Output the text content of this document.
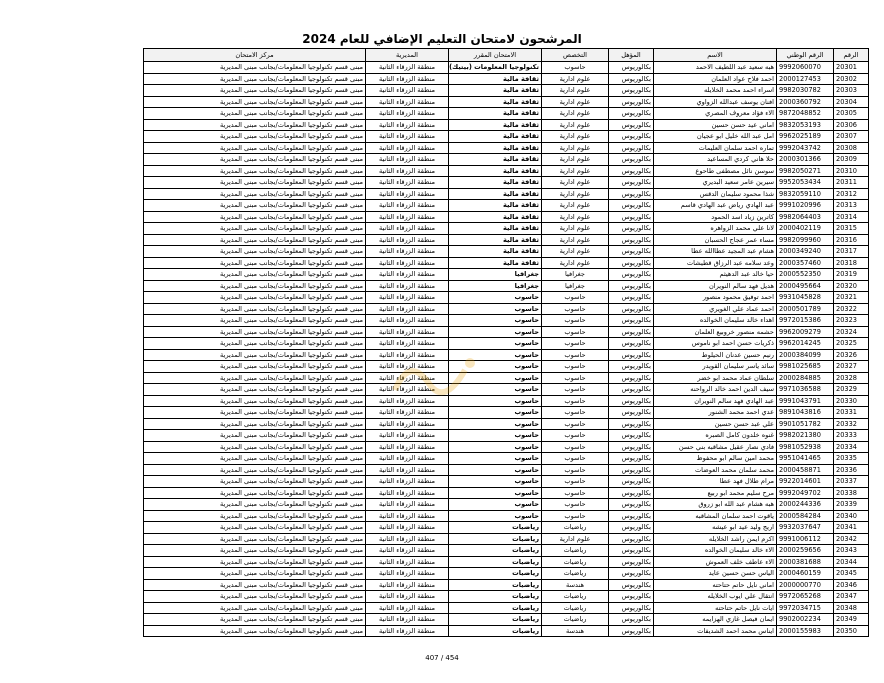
المرشحون لامتحان التعليم الإضافي للعام 2024
الرقم	الرقم الوطني	الاسم	المؤهل	التخصص	الامتحان المقرر	المديرية	مركز الامتحان
20301	9992060070	هبه سعيد عبد اللطيف الاحمد	بكالوريوس	حاسوب	تكنولوجيا المعلومات (بيتيك)	منطقة الزرقاء الثانية	مبنى قسم تكنولوجيا المعلومات/بجانب مبنى المديرية
20302	2000127453	احمد فلاح عواد العلمان	بكالوريوس	علوم ادارية	ثقافة مالية	منطقة الزرقاء الثانية	مبنى قسم تكنولوجيا المعلومات/بجانب مبنى المديرية
20303	9982030782	اسراء احمد محمد الخلايله	بكالوريوس	علوم ادارية	ثقافة مالية	منطقة الزرقاء الثانية	مبنى قسم تكنولوجيا المعلومات/بجانب مبنى المديرية
20304	2000360792	افنان يوسف عبدالله الزواوي	بكالوريوس	علوم ادارية	ثقافة مالية	منطقة الزرقاء الثانية	مبنى قسم تكنولوجيا المعلومات/بجانب مبنى المديرية
20305	9872048852	الاء فؤاد معروف المصري	بكالوريوس	علوم ادارية	ثقافة مالية	منطقة الزرقاء الثانية	مبنى قسم تكنولوجيا المعلومات/بجانب مبنى المديرية
20306	9832053193	اماني عيد حسن حسين	بكالوريوس	علوم ادارية	ثقافة مالية	منطقة الزرقاء الثانية	مبنى قسم تكنولوجيا المعلومات/بجانب مبنى المديرية
20307	9962025189	امل عبد الله خليل ابو عجيان	بكالوريوس	علوم ادارية	ثقافة مالية	منطقة الزرقاء الثانية	مبنى قسم تكنولوجيا المعلومات/بجانب مبنى المديرية
20308	9992043742	تماره احمد سلمان العليمات	بكالوريوس	علوم ادارية	ثقافة مالية	منطقة الزرقاء الثانية	مبنى قسم تكنولوجيا المعلومات/بجانب مبنى المديرية
20309	2000301366	حلا هاني كردي المساعيد	بكالوريوس	علوم ادارية	ثقافة مالية	منطقة الزرقاء الثانية	مبنى قسم تكنولوجيا المعلومات/بجانب مبنى المديرية
20310	9982050271	سوسن نائل مصطفى طاحوع	بكالوريوس	علوم ادارية	ثقافة مالية	منطقة الزرقاء الثانية	مبنى قسم تكنولوجيا المعلومات/بجانب مبنى المديرية
20311	9952053434	سيرين عامر سعيد البديري	بكالوريوس	علوم ادارية	ثقافة مالية	منطقة الزرقاء الثانية	مبنى قسم تكنولوجيا المعلومات/بجانب مبنى المديرية
20312	9832059110	شذا محمود سليمان الدقس	بكالوريوس	علوم ادارية	ثقافة مالية	منطقة الزرقاء الثانية	مبنى قسم تكنولوجيا المعلومات/بجانب مبنى المديرية
20313	9991020996	عبد الهادي رياض عبد الهادي قاسم	بكالوريوس	علوم ادارية	ثقافة مالية	منطقة الزرقاء الثانية	مبنى قسم تكنولوجيا المعلومات/بجانب مبنى المديرية
20314	9982064403	كاترين زياد اسد الحمود	بكالوريوس	علوم ادارية	ثقافة مالية	منطقة الزرقاء الثانية	مبنى قسم تكنولوجيا المعلومات/بجانب مبنى المديرية
20315	2000402119	لانا علي محمد الزواهره	بكالوريوس	علوم ادارية	ثقافة مالية	منطقة الزرقاء الثانية	مبنى قسم تكنولوجيا المعلومات/بجانب مبنى المديرية
20316	9982099960	مساء عمر عجاج الحسبان	بكالوريوس	علوم ادارية	ثقافة مالية	منطقة الزرقاء الثانية	مبنى قسم تكنولوجيا المعلومات/بجانب مبنى المديرية
20317	2000349240	هشام عبد المجيد عطاالله عطا	بكالوريوس	علوم ادارية	ثقافة مالية	منطقة الزرقاء الثانية	مبنى قسم تكنولوجيا المعلومات/بجانب مبنى المديرية
20318	2000357460	وعد سلامه عبد الرزاق قطيشات	بكالوريوس	علوم ادارية	ثقافة مالية	منطقة الزرقاء الثانية	مبنى قسم تكنولوجيا المعلومات/بجانب مبنى المديرية
20319	2000552350	حيا خالد عبد الدهيثم	بكالوريوس	جغرافيا	جغرافيا	منطقة الزرقاء الثانية	مبنى قسم تكنولوجيا المعلومات/بجانب مبنى المديرية
20320	2000495664	هديل فهد سالم النويران	بكالوريوس	جغرافيا	جغرافيا	منطقة الزرقاء الثانية	مبنى قسم تكنولوجيا المعلومات/بجانب مبنى المديرية
20321	9931045828	احمد توفيق محمود منصور	بكالوريوس	حاسوب	حاسوب	منطقة الزرقاء الثانية	مبنى قسم تكنولوجيا المعلومات/بجانب مبنى المديرية
20322	2000501789	احمد عماد علي الغويري	بكالوريوس	حاسوب	حاسوب	منطقة الزرقاء الثانية	مبنى قسم تكنولوجيا المعلومات/بجانب مبنى المديرية
20323	9972015386	اهداء خالد سليمان الخوالده	بكالوريوس	حاسوب	حاسوب	منطقة الزرقاء الثانية	مبنى قسم تكنولوجيا المعلومات/بجانب مبنى المديرية
20324	9962009279	حشمه منصور خروبيع العلمان	بكالوريوس	حاسوب	حاسوب	منطقة الزرقاء الثانية	مبنى قسم تكنولوجيا المعلومات/بجانب مبنى المديرية
20325	9962014245	ذكريات حسن احمد ابو ناموس	بكالوريوس	حاسوب	حاسوب	منطقة الزرقاء الثانية	مبنى قسم تكنولوجيا المعلومات/بجانب مبنى المديرية
20326	2000384099	رنيم حسين عدنان الحيلوط	بكالوريوس	حاسوب	حاسوب	منطقة الزرقاء الثانية	مبنى قسم تكنولوجيا المعلومات/بجانب مبنى المديرية
20327	9981025685	سائد ياسر سليمان القويدر	بكالوريوس	حاسوب	حاسوب	منطقة الزرقاء الثانية	مبنى قسم تكنولوجيا المعلومات/بجانب مبنى المديرية
20328	2000284885	سلطان عماد محمد ابو خضر	بكالوريوس	حاسوب	حاسوب	منطقة الزرقاء الثانية	مبنى قسم تكنولوجيا المعلومات/بجانب مبنى المديرية
20329	9971036588	سيف الدين احمد خالد الرواحنه	بكالوريوس	حاسوب	حاسوب	منطقة الزرقاء الثانية	مبنى قسم تكنولوجيا المعلومات/بجانب مبنى المديرية
20330	9991043791	عبد الهادي فهد سالم النويران	بكالوريوس	حاسوب	حاسوب	منطقة الزرقاء الثانية	مبنى قسم تكنولوجيا المعلومات/بجانب مبنى المديرية
20331	9891043816	عدي احمد محمد الشنور	بكالوريوس	حاسوب	حاسوب	منطقة الزرقاء الثانية	مبنى قسم تكنولوجيا المعلومات/بجانب مبنى المديرية
20332	9901051782	علي عبد حسن حسين	بكالوريوس	حاسوب	حاسوب	منطقة الزرقاء الثانية	مبنى قسم تكنولوجيا المعلومات/بجانب مبنى المديرية
20333	9982021380	غنوه خلدون كامل الصبره	بكالوريوس	حاسوب	حاسوب	منطقة الزرقاء الثانية	مبنى قسم تكنولوجيا المعلومات/بجانب مبنى المديرية
20334	9981052938	فادي نصار عقيل مشاقبه بني حسن	بكالوريوس	حاسوب	حاسوب	منطقة الزرقاء الثانية	مبنى قسم تكنولوجيا المعلومات/بجانب مبنى المديرية
20335	9951041465	محمد امين سالم ابو محفوظ	بكالوريوس	حاسوب	حاسوب	منطقة الزرقاء الثانية	مبنى قسم تكنولوجيا المعلومات/بجانب مبنى المديرية
20336	2000458871	محمد سلمان محمد العوضات	بكالوريوس	حاسوب	حاسوب	منطقة الزرقاء الثانية	مبنى قسم تكنولوجيا المعلومات/بجانب مبنى المديرية
20337	9922014601	مرام طلال فهد عطا	بكالوريوس	حاسوب	حاسوب	منطقة الزرقاء الثانية	مبنى قسم تكنولوجيا المعلومات/بجانب مبنى المديرية
20338	9992049702	مرح سليم محمد ابو ربيع	بكالوريوس	حاسوب	حاسوب	منطقة الزرقاء الثانية	مبنى قسم تكنولوجيا المعلومات/بجانب مبنى المديرية
20339	2000244336	هبه هشام عبد الله ابو زروق	بكالوريوس	حاسوب	حاسوب	منطقة الزرقاء الثانية	مبنى قسم تكنولوجيا المعلومات/بجانب مبنى المديرية
20340	2000584284	ياقوت احمد سلمان المشاقبه	بكالوريوس	حاسوب	حاسوب	منطقة الزرقاء الثانية	مبنى قسم تكنولوجيا المعلومات/بجانب مبنى المديرية
20341	9932037647	اريج وليد عيد ابو عيشه	بكالوريوس	رياضيات	رياضيات	منطقة الزرقاء الثانية	مبنى قسم تكنولوجيا المعلومات/بجانب مبنى المديرية
20342	9991006112	اكرم ايمن راشد الخلايله	بكالوريوس	علوم ادارية	رياضيات	منطقة الزرقاء الثانية	مبنى قسم تكنولوجيا المعلومات/بجانب مبنى المديرية
20343	2000259656	الاء خالد سليمان الخوالده	بكالوريوس	رياضيات	رياضيات	منطقة الزرقاء الثانية	مبنى قسم تكنولوجيا المعلومات/بجانب مبنى المديرية
20344	2000381688	الاء عاطف خلف العموش	بكالوريوس	رياضيات	رياضيات	منطقة الزرقاء الثانية	مبنى قسم تكنولوجيا المعلومات/بجانب مبنى المديرية
20345	2000460159	الياس حسن حسين عايد	بكالوريوس	رياضيات	رياضيات	منطقة الزرقاء الثانية	مبنى قسم تكنولوجيا المعلومات/بجانب مبنى المديرية
20346	2000000770	اماني نايل حاتم حتاحته	بكالوريوس	هندسة	رياضيات	منطقة الزرقاء الثانية	مبنى قسم تكنولوجيا المعلومات/بجانب مبنى المديرية
20347	9972065268	انتقال علي ايوب الخلايله	بكالوريوس	رياضيات	رياضيات	منطقة الزرقاء الثانية	مبنى قسم تكنولوجيا المعلومات/بجانب مبنى المديرية
20348	9972034715	ايات نايل حاتم حتاحته	بكالوريوس	رياضيات	رياضيات	منطقة الزرقاء الثانية	مبنى قسم تكنولوجيا المعلومات/بجانب مبنى المديرية
20349	9902002234	ايمان فيصل غازي الهزايمه	بكالوريوس	رياضيات	رياضيات	منطقة الزرقاء الثانية	مبنى قسم تكنولوجيا المعلومات/بجانب مبنى المديرية
20350	2000155983	ايناس محمد احمد الشديفات	بكالوريوس	هندسة	رياضيات	منطقة الزرقاء الثانية	مبنى قسم تكنولوجيا المعلومات/بجانب مبنى المديرية
407 / 454
